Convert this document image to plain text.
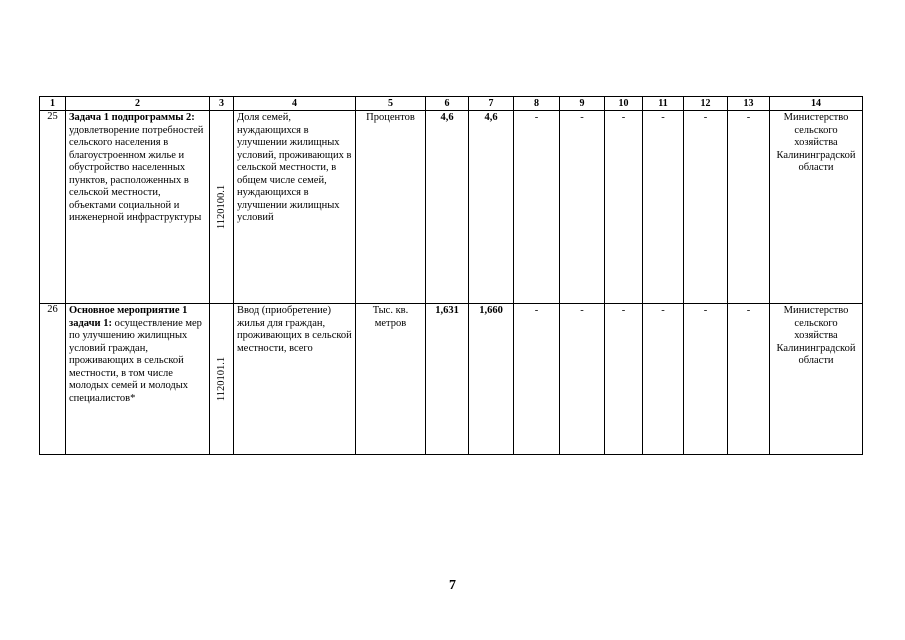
1	2	3	4	5	6	7	8	9	10	11	12	13	14
25	Задача 1 подпрограммы 2: удовлетворение потребностей сельского населения в благоустроенном жилье и обустройство населенных пунктов, расположенных в сельской местности, объектами социальной и инженерной инфраструктуры	1120100.1	Доля семей, нуждающихся в улучшении жилищных условий, проживающих в сельской местности, в общем числе семей, нуждающихся в улучшении жилищных условий	Процентов	4,6	4,6	-	-	-	-	-	-	Министерство сельского хозяйства Калининградской области
26	Основное мероприятие 1 задачи 1: осуществление мер по улучшению жилищных условий граждан, проживающих в сельской местности, в том числе молодых семей и молодых специалистов*	1120101.1	Ввод (приобретение) жилья для граждан, проживающих в сельской местности, всего	Тыс. кв. метров	1,631	1,660	-	-	-	-	-	-	Министерство сельского хозяйства Калининградской области
7
